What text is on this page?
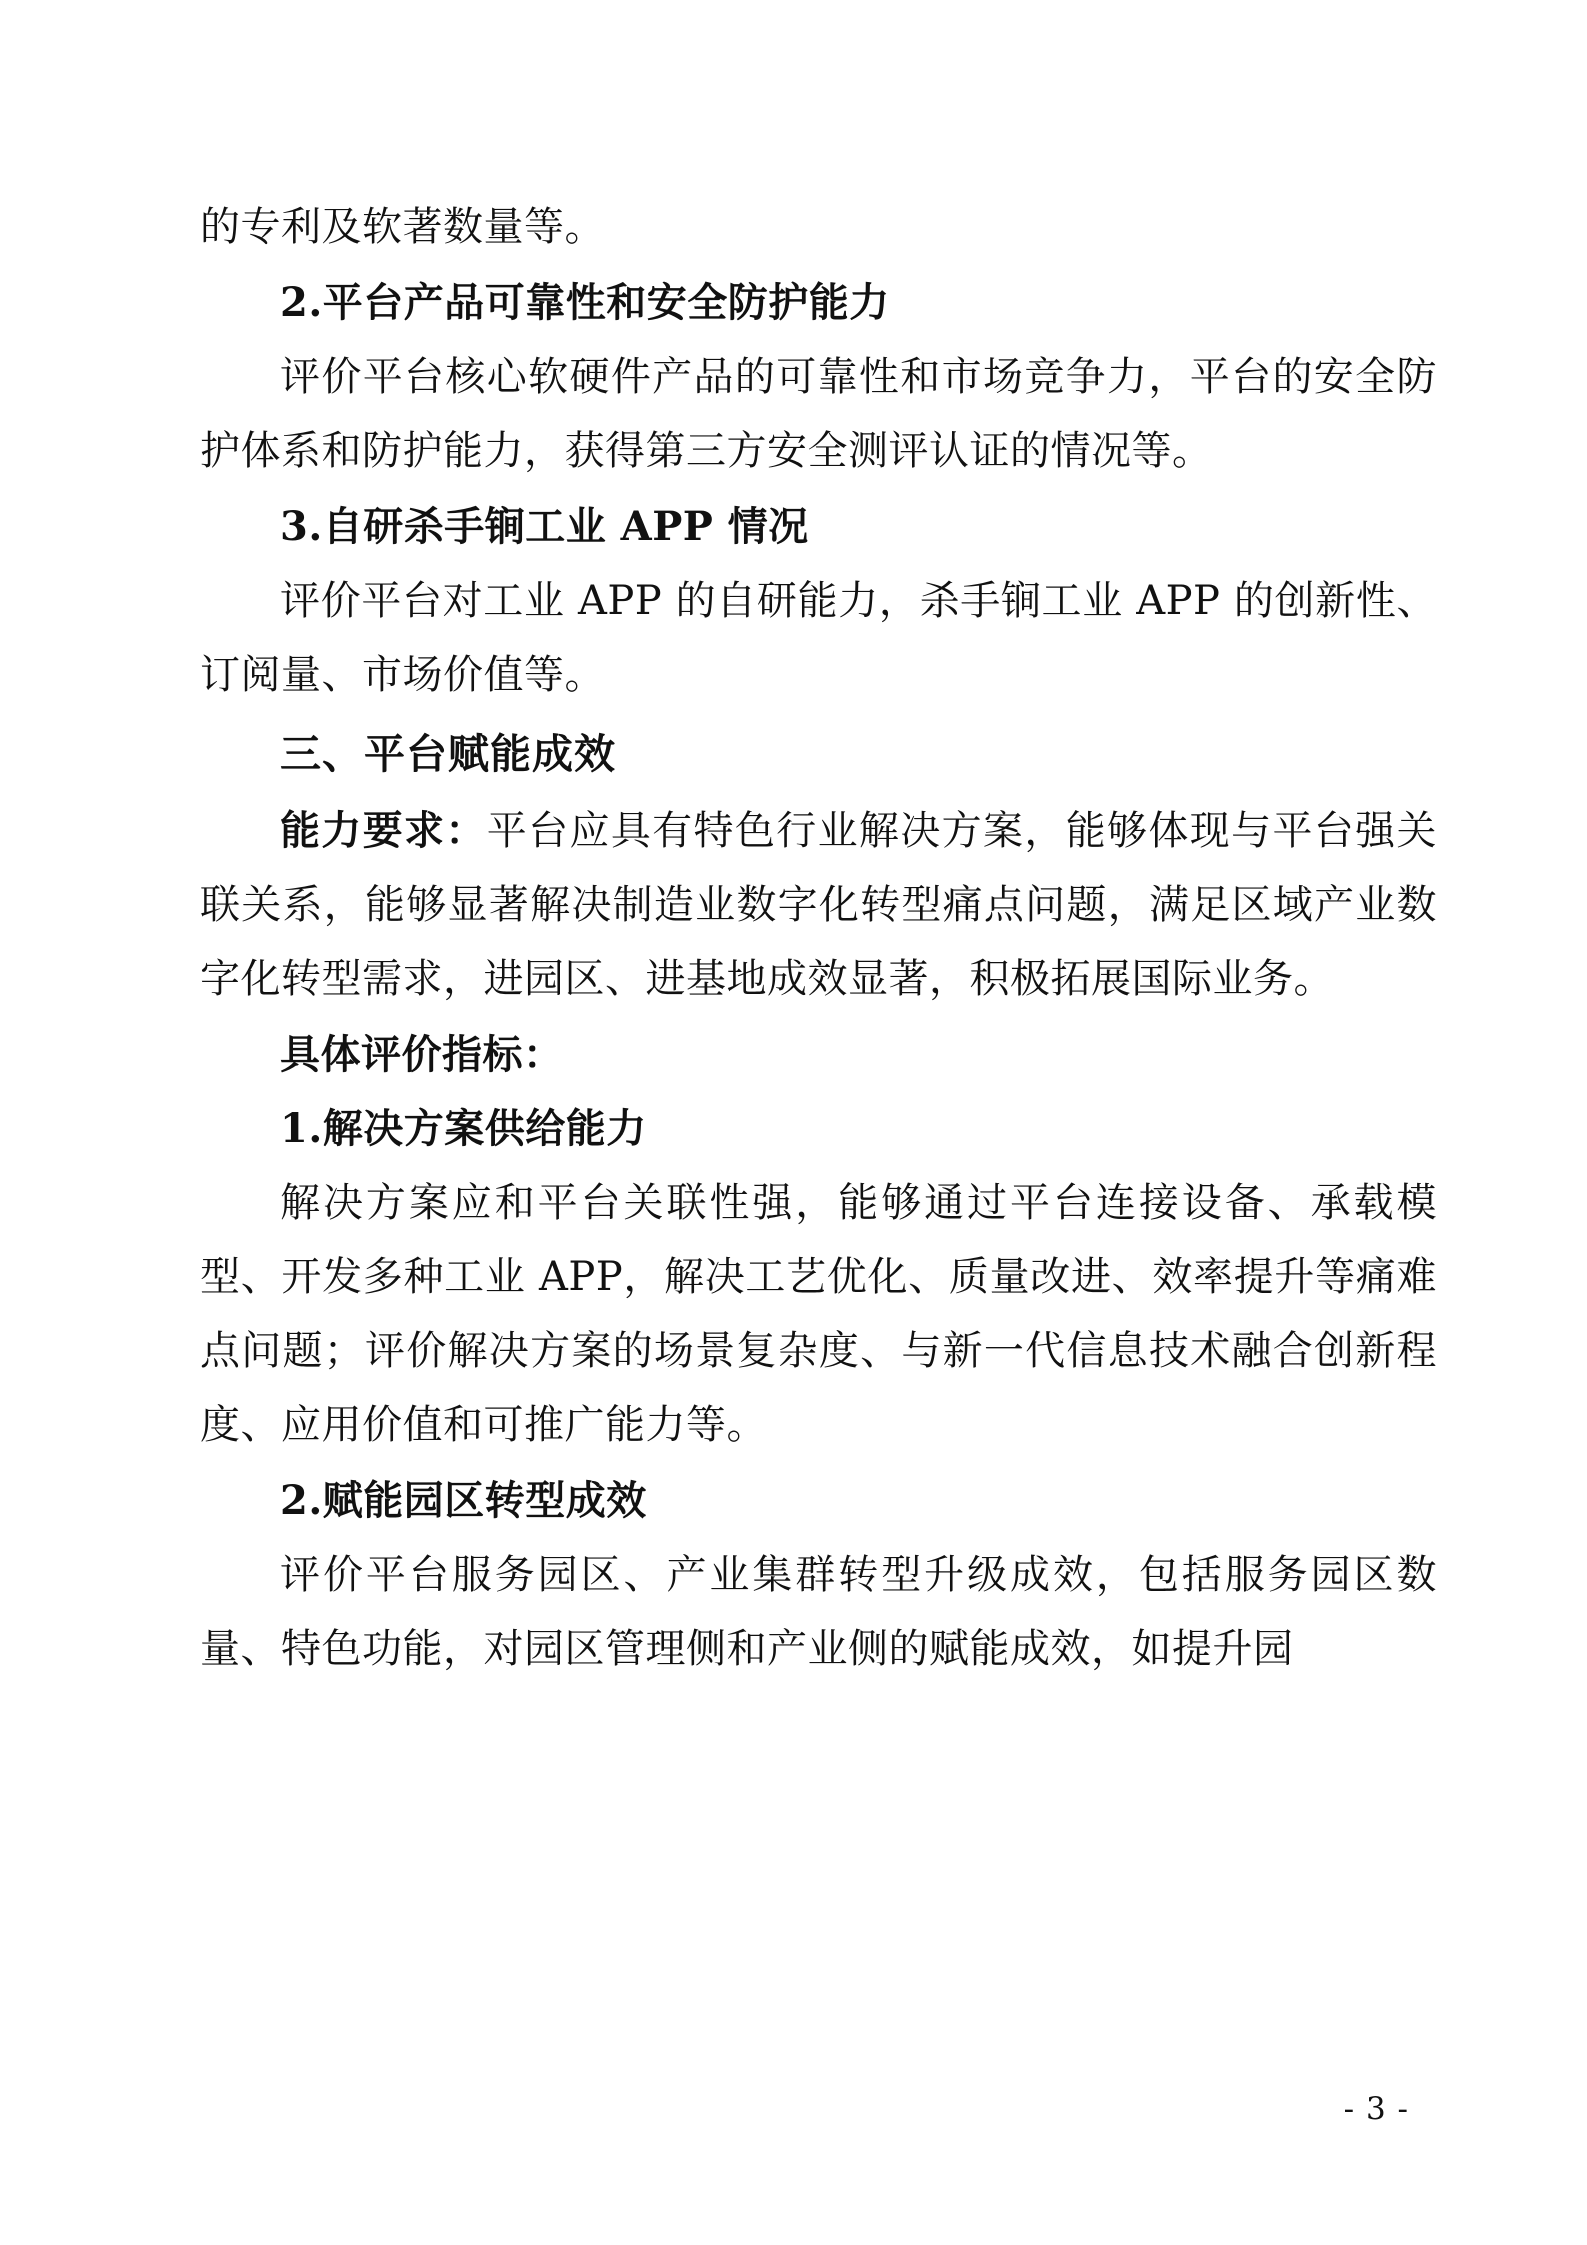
的专利及软著数量等。

2.平台产品可靠性和安全防护能力

评价平台核心软硬件产品的可靠性和市场竞争力，平台的安全防护体系和防护能力，获得第三方安全测评认证的情况等。

3.自研杀手锏工业 APP 情况

评价平台对工业 APP 的自研能力，杀手锏工业 APP 的创新性、订阅量、市场价值等。

三、平台赋能成效

能力要求：平台应具有特色行业解决方案，能够体现与平台强关联关系，能够显著解决制造业数字化转型痛点问题，满足区域产业数字化转型需求，进园区、进基地成效显著，积极拓展国际业务。

具体评价指标：

1.解决方案供给能力

解决方案应和平台关联性强，能够通过平台连接设备、承载模型、开发多种工业 APP，解决工艺优化、质量改进、效率提升等痛难点问题；评价解决方案的场景复杂度、与新一代信息技术融合创新程度、应用价值和可推广能力等。

2.赋能园区转型成效

评价平台服务园区、产业集群转型升级成效，包括服务园区数量、特色功能，对园区管理侧和产业侧的赋能成效，如提升园

- 3 -
